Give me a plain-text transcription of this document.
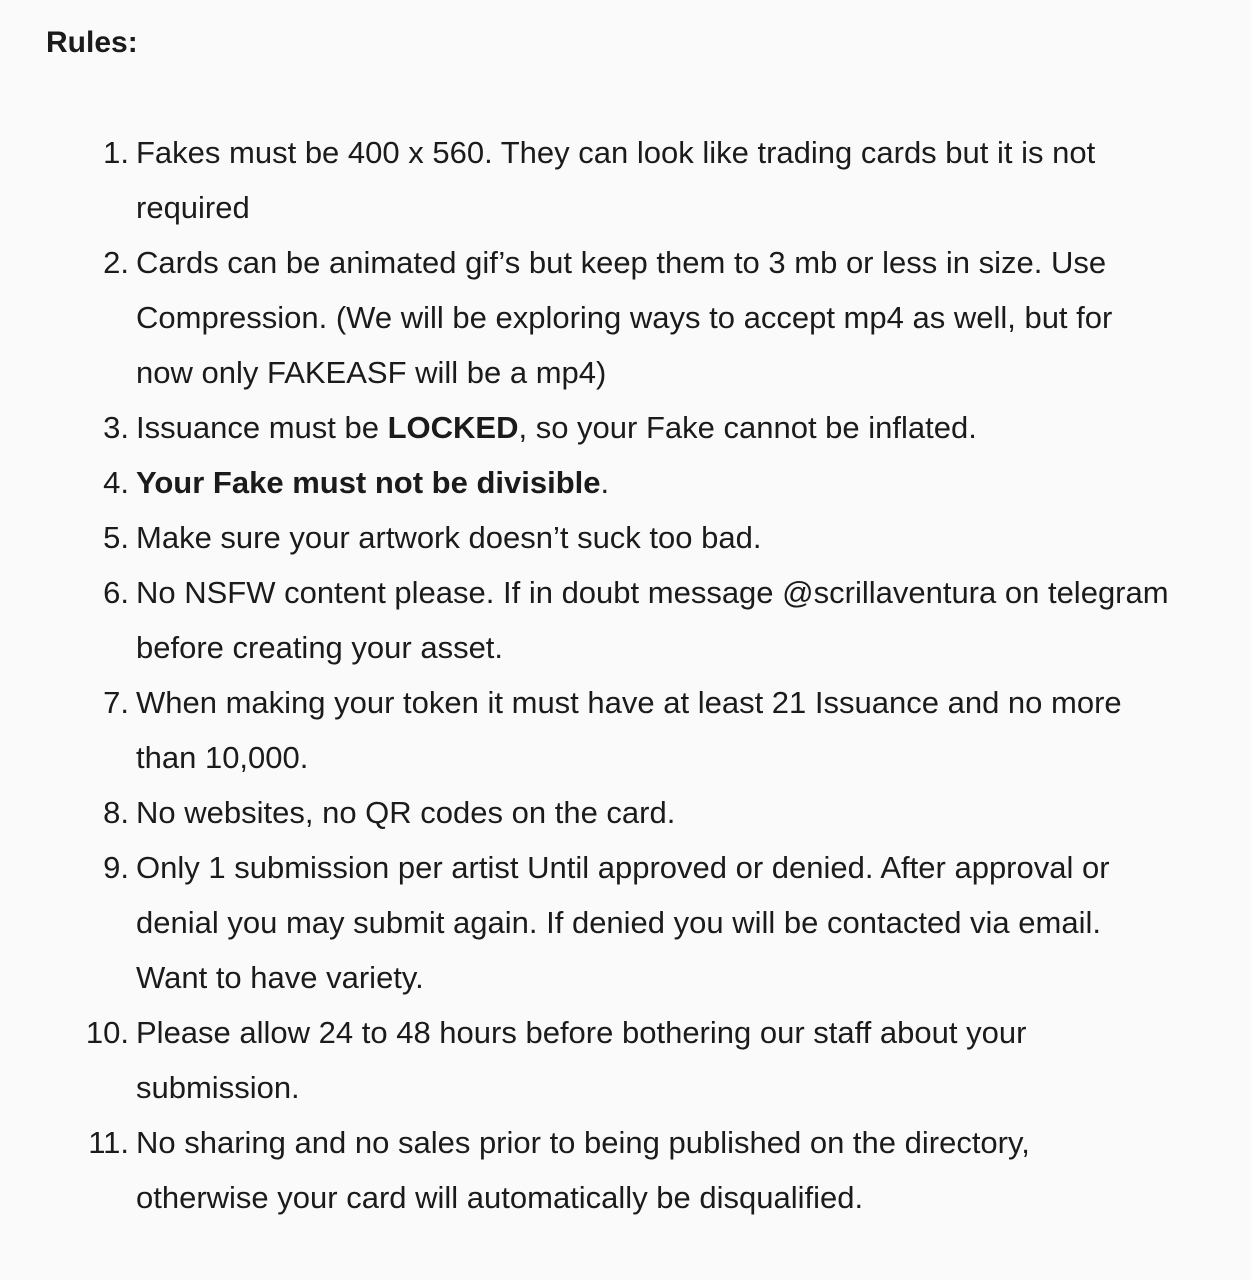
Rules:
1. Fakes must be 400 x 560. They can look like trading cards but it is not required
2. Cards can be animated gif’s but keep them to 3 mb or less in size. Use Compression. (We will be exploring ways to accept mp4 as well, but for now only FAKEASF will be a mp4)
3. Issuance must be LOCKED, so your Fake cannot be inflated.
4. Your Fake must not be divisible.
5. Make sure your artwork doesn’t suck too bad.
6. No NSFW content please. If in doubt message @scrillaventura on telegram before creating your asset.
7. When making your token it must have at least 21 Issuance and no more than 10,000.
8. No websites, no QR codes on the card.
9. Only 1 submission per artist Until approved or denied. After approval or denial you may submit again. If denied you will be contacted via email. Want to have variety.
10. Please allow 24 to 48 hours before bothering our staff about your submission.
11. No sharing and no sales prior to being published on the directory, otherwise your card will automatically be disqualified.
